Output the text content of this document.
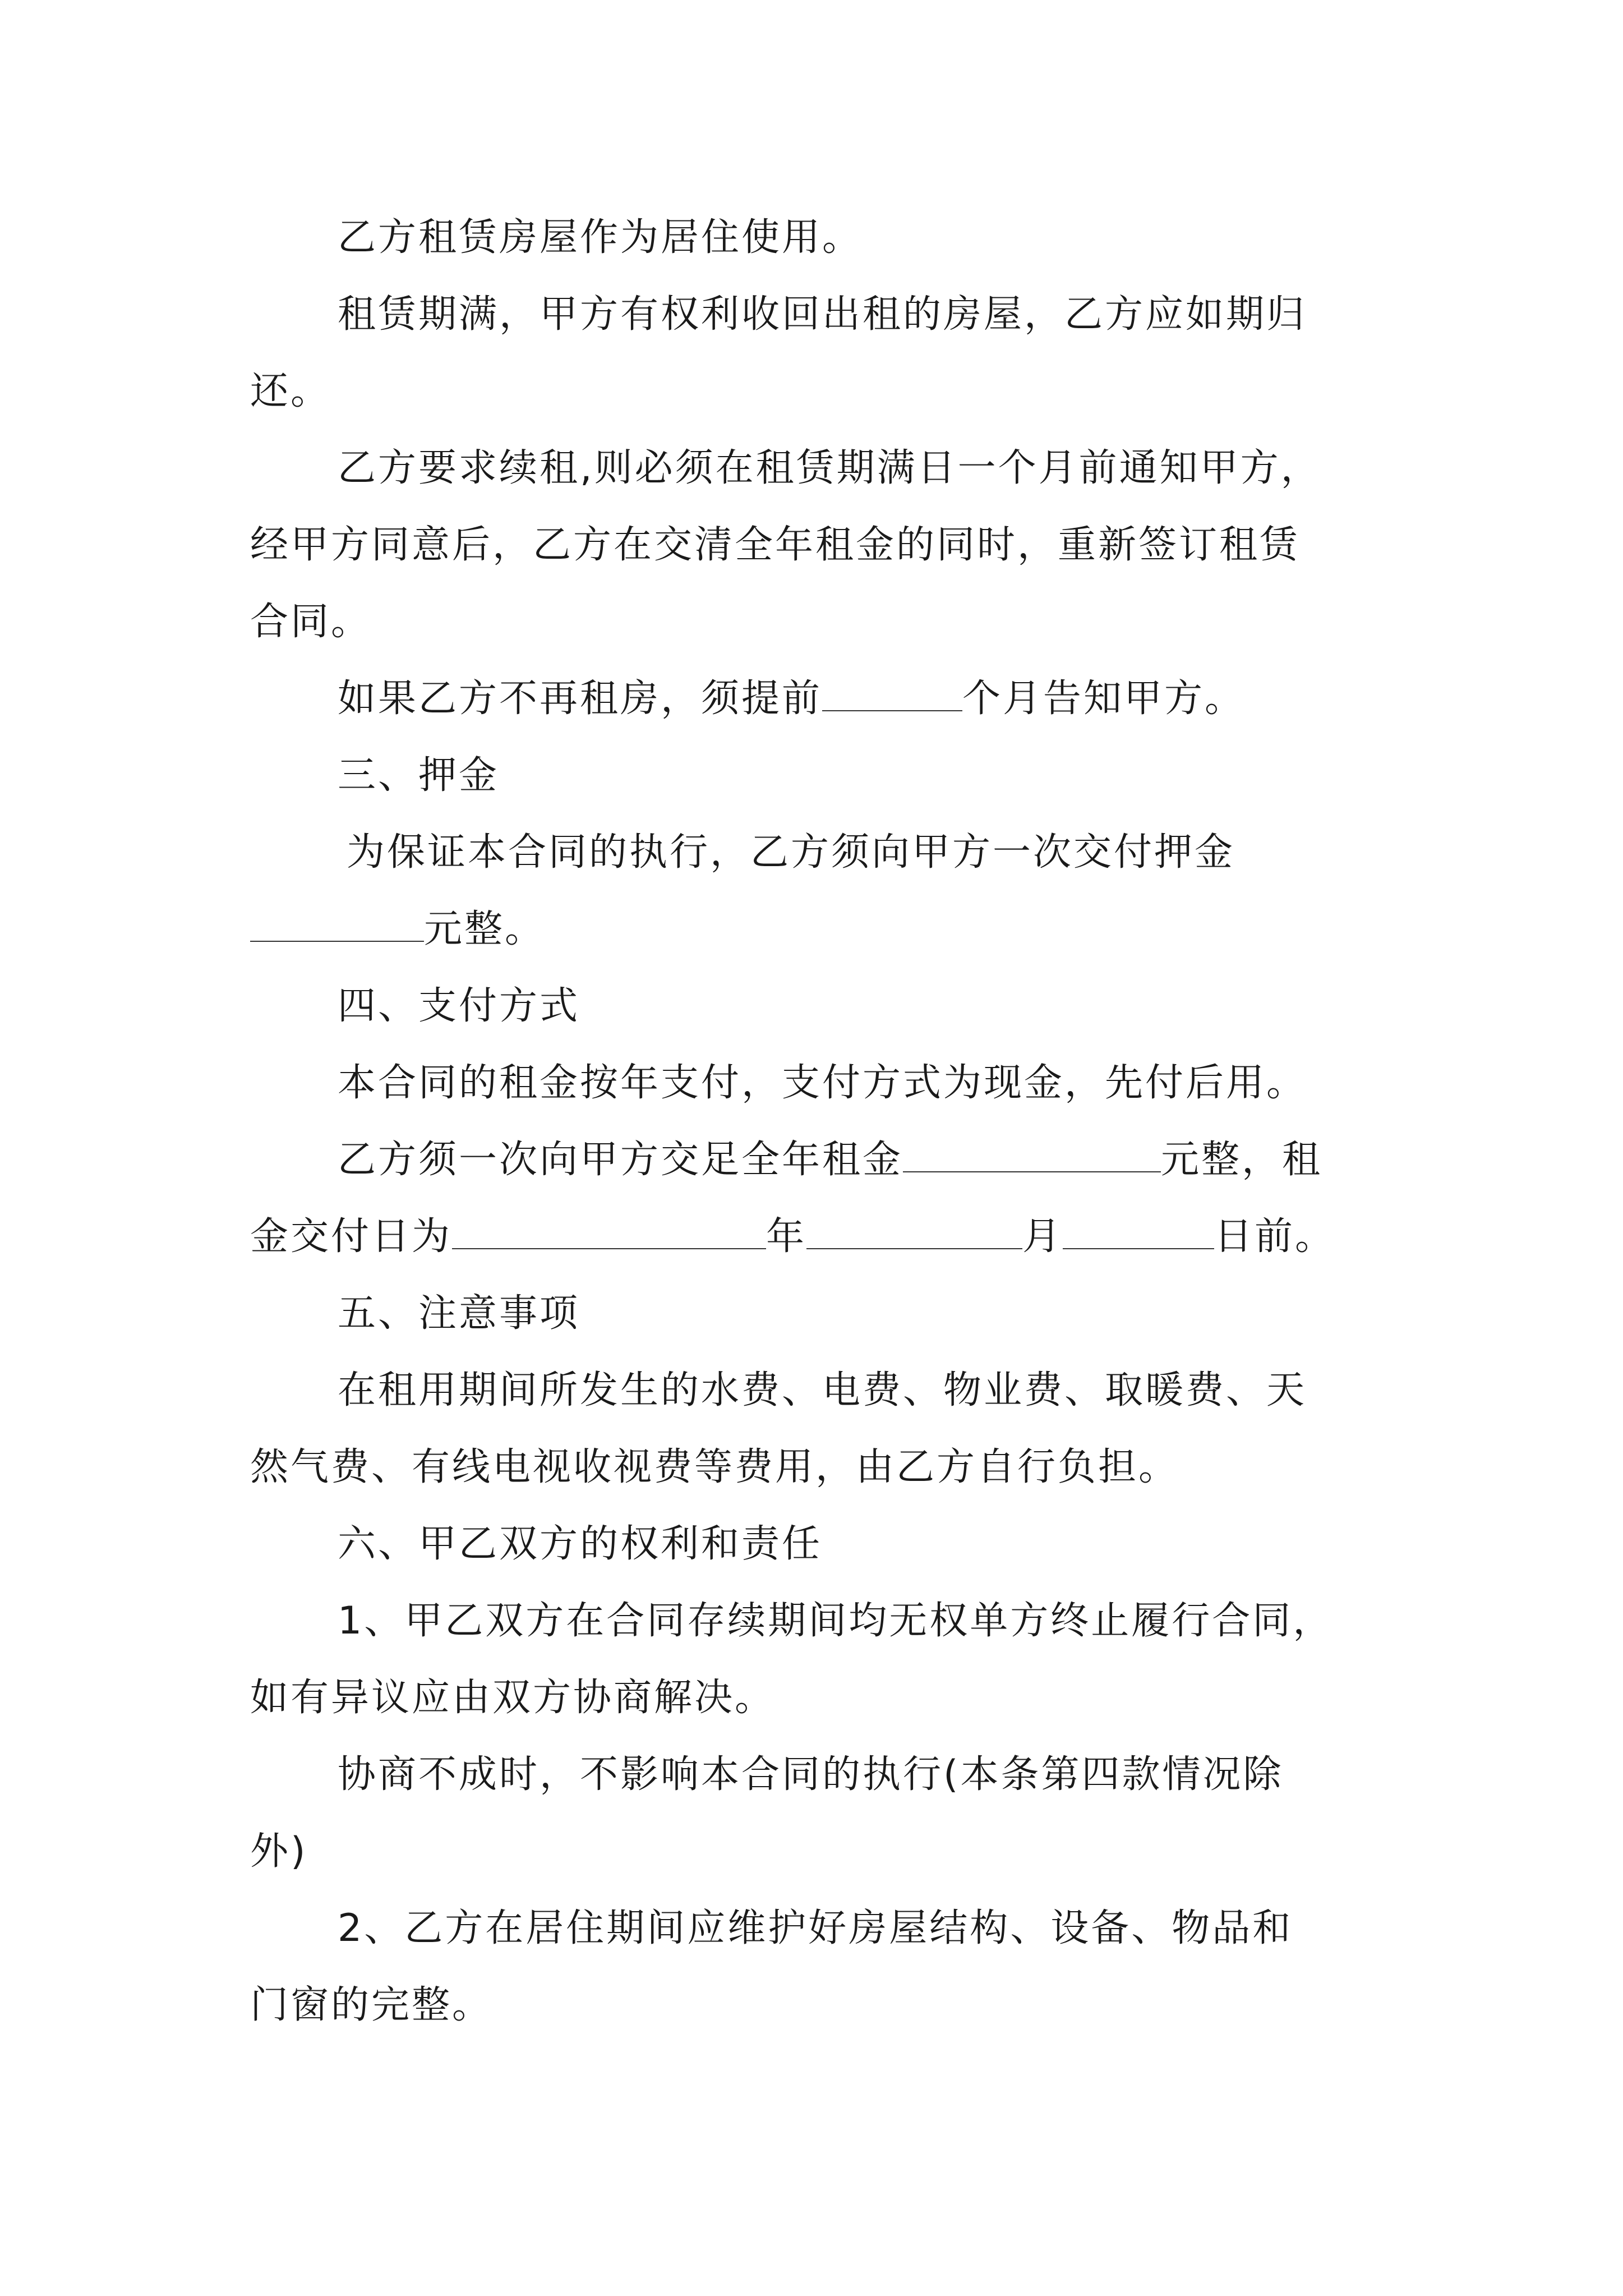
乙方租赁房屋作为居住使用。

租赁期满，甲方有权利收回出租的房屋，乙方应如期归

还。

乙方要求续租,则必须在租赁期满日一个月前通知甲方，

经甲方同意后，乙方在交清全年租金的同时，重新签订租赁

合同。

如果乙方不再租房，须提前	个月告知甲方。

三、押金

为保证本合同的执行，乙方须向甲方一次交付押金

元整。

四、支付方式

本合同的租金按年支付，支付方式为现金，先付后用。

乙方须一次向甲方交足全年租金	元整，租

金交付日为	年	月	日前。

五、注意事项

在租用期间所发生的水费、电费、物业费、取暖费、天

然气费、有线电视收视费等费用，由乙方自行负担。

六、甲乙双方的权利和责任

1、甲乙双方在合同存续期间均无权单方终止履行合同，

如有异议应由双方协商解决。

协商不成时，不影响本合同的执行(本条第四款情况除

外)

2、乙方在居住期间应维护好房屋结构、设备、物品和

门窗的完整。
